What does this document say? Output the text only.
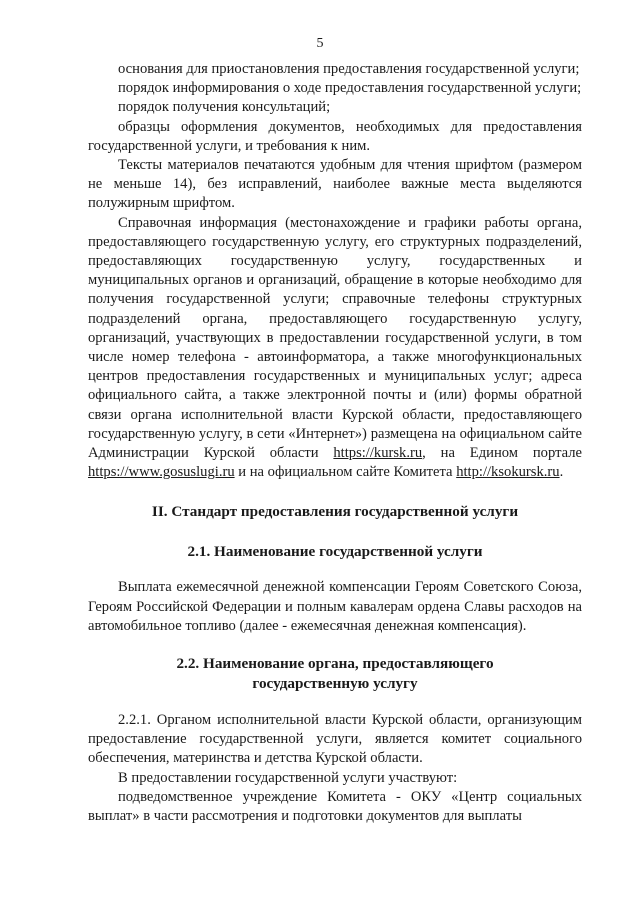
5

основания для приостановления предоставления государственной услуги;

порядок информирования о ходе предоставления государственной услуги;

порядок получения консультаций;

образцы оформления документов, необходимых для предоставления государственной услуги, и требования к ним.

Тексты материалов печатаются удобным для чтения шрифтом (размером не меньше 14), без исправлений, наиболее важные места выделяются полужирным шрифтом.

Справочная информация (местонахождение и графики работы органа, предоставляющего государственную услугу, его структурных подразделений, предоставляющих государственную услугу, государственных и муниципальных органов и организаций, обращение в которые необходимо для получения государственной услуги; справочные телефоны структурных подразделений органа, предоставляющего государственную услугу, организаций, участвующих в предоставлении государственной услуги, в том числе номер телефона - автоинформатора, а также многофункциональных центров предоставления государственных и муниципальных услуг; адреса официального сайта, а также электронной почты и (или) формы обратной связи органа исполнительной власти Курской области, предоставляющего государственную услугу, в сети «Интернет») размещена на официальном сайте Администрации Курской области https://kursk.ru, на Едином портале https://www.gosuslugi.ru и на официальном сайте Комитета http://ksokursk.ru.

II. Стандарт предоставления государственной услуги
2.1. Наименование государственной услуги

Выплата ежемесячной денежной компенсации Героям Советского Союза, Героям Российской Федерации и полным кавалерам ордена Славы расходов на автомобильное топливо (далее - ежемесячная денежная компенсация).

2.2. Наименование органа, предоставляющего
государственную услугу

2.2.1. Органом исполнительной власти Курской области, организующим предоставление государственной услуги, является комитет социального обеспечения, материнства и детства Курской области.

В предоставлении государственной услуги участвуют:

подведомственное учреждение Комитета - ОКУ «Центр социальных выплат» в части рассмотрения и подготовки документов для выплаты
